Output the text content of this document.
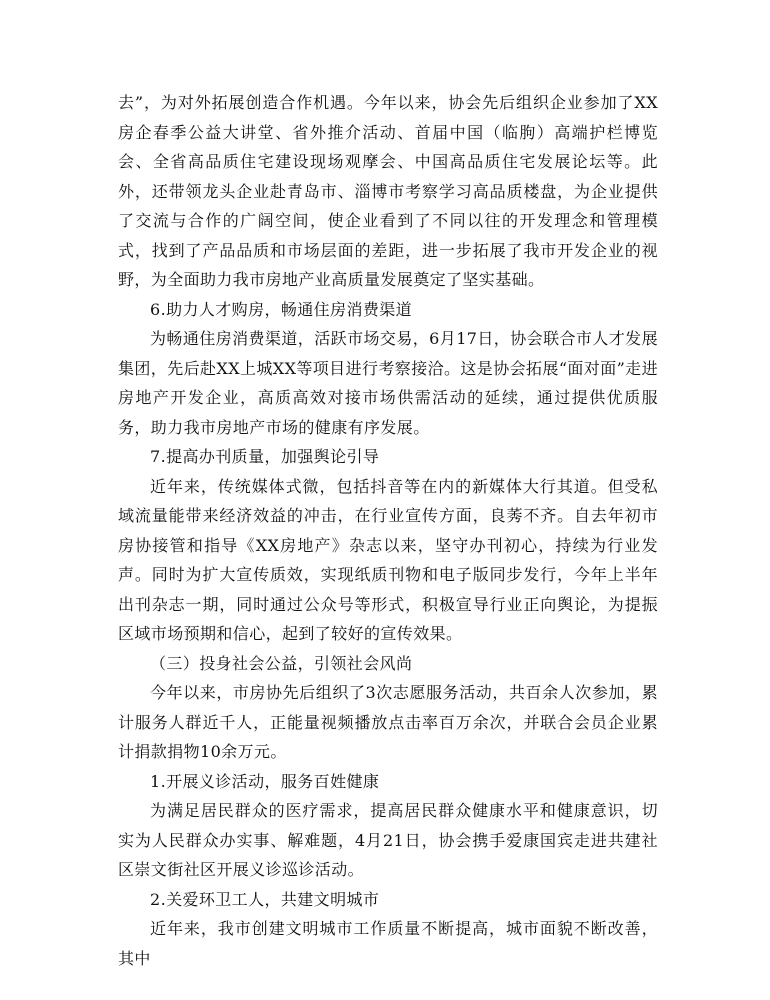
去”，为对外拓展创造合作机遇。今年以来，协会先后组织企业参加了XX房企春季公益大讲堂、省外推介活动、首届中国（临朐）高端护栏博览会、全省高品质住宅建设现场观摩会、中国高品质住宅发展论坛等。此外，还带领龙头企业赴青岛市、淄博市考察学习高品质楼盘，为企业提供了交流与合作的广阔空间，使企业看到了不同以往的开发理念和管理模式，找到了产品品质和市场层面的差距，进一步拓展了我市开发企业的视野，为全面助力我市房地产业高质量发展奠定了坚实基础。

6.助力人才购房，畅通住房消费渠道

为畅通住房消费渠道，活跃市场交易，6月17日，协会联合市人才发展集团，先后赴XX上城XX等项目进行考察接洽。这是协会拓展“面对面”走进房地产开发企业，高质高效对接市场供需活动的延续，通过提供优质服务，助力我市房地产市场的健康有序发展。

7.提高办刊质量，加强舆论引导

近年来，传统媒体式微，包括抖音等在内的新媒体大行其道。但受私域流量能带来经济效益的冲击，在行业宣传方面，良莠不齐。自去年初市房协接管和指导《XX房地产》杂志以来，坚守办刊初心，持续为行业发声。同时为扩大宣传质效，实现纸质刊物和电子版同步发行，今年上半年出刊杂志一期，同时通过公众号等形式，积极宣导行业正向舆论，为提振区域市场预期和信心，起到了较好的宣传效果。

（三）投身社会公益，引领社会风尚

今年以来，市房协先后组织了3次志愿服务活动，共百余人次参加，累计服务人群近千人，正能量视频播放点击率百万余次，并联合会员企业累计捐款捐物10余万元。

1.开展义诊活动，服务百姓健康

为满足居民群众的医疗需求，提高居民群众健康水平和健康意识，切实为人民群众办实事、解难题，4月21日，协会携手爱康国宾走进共建社区崇文街社区开展义诊巡诊活动。

2.关爱环卫工人，共建文明城市

近年来，我市创建文明城市工作质量不断提高，城市面貌不断改善，其中
